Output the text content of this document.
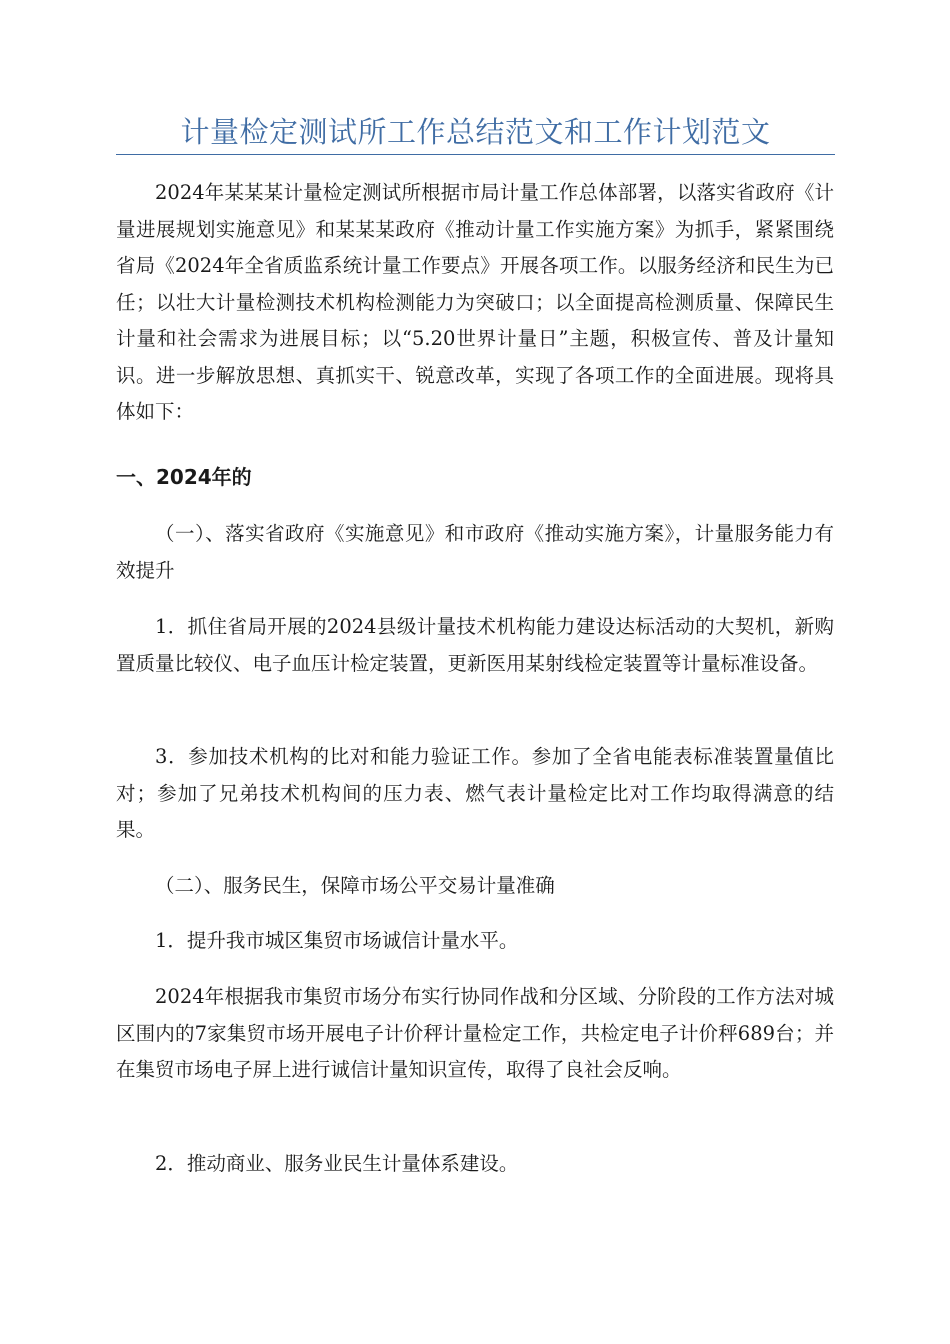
计量检定测试所工作总结范文和工作计划范文

2024年某某某计量检定测试所根据市局计量工作总体部署，以落实省政府《计量进展规划实施意见》和某某某政府《推动计量工作实施方案》为抓手，紧紧围绕省局《2024年全省质监系统计量工作要点》开展各项工作。以服务经济和民生为已任；以壮大计量检测技术机构检测能力为突破口；以全面提高检测质量、保障民生计量和社会需求为进展目标；以“5.20世界计量日”主题，积极宣传、普及计量知识。进一步解放思想、真抓实干、锐意改革，实现了各项工作的全面进展。现将具体如下：

一、2024年的

（一）、落实省政府《实施意见》和市政府《推动实施方案》，计量服务能力有效提升

1．抓住省局开展的2024县级计量技术机构能力建设达标活动的大契机，新购置质量比较仪、电子血压计检定装置，更新医用某射线检定装置等计量标准设备。

3．参加技术机构的比对和能力验证工作。参加了全省电能表标准装置量值比对；参加了兄弟技术机构间的压力表、燃气表计量检定比对工作均取得满意的结果。

（二）、服务民生，保障市场公平交易计量准确

1．提升我市城区集贸市场诚信计量水平。

2024年根据我市集贸市场分布实行协同作战和分区域、分阶段的工作方法对城区围内的7家集贸市场开展电子计价秤计量检定工作，共检定电子计价秤689台；并在集贸市场电子屏上进行诚信计量知识宣传，取得了良社会反响。

2．推动商业、服务业民生计量体系建设。
